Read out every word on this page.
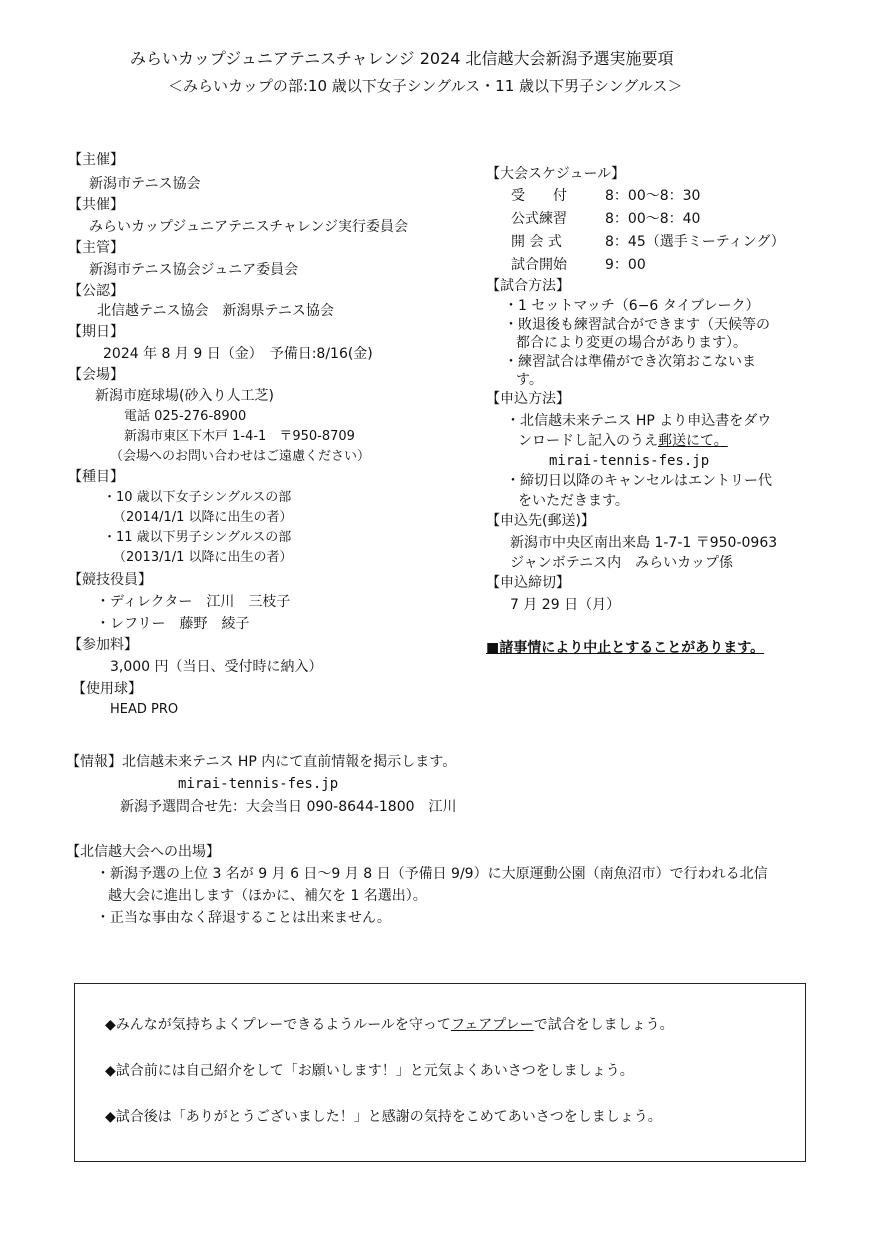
みらいカップジュニアテニスチャレンジ 2024 北信越大会新潟予選実施要項
＜みらいカップの部:10 歳以下女子シングルス・11 歳以下男子シングルス＞
【主催】
新潟市テニス協会
【共催】
みらいカップジュニアテニスチャレンジ実行委員会
【主管】
新潟市テニス協会ジュニア委員会
【公認】
北信越テニス協会　新潟県テニス協会
【期日】
2024 年 8 月 9 日（金）　予備日:8/16(金)
【会場】
新潟市庭球場(砂入り人工芝)
電話 025-276-8900
新潟市東区下木戸 1-4-1　〒950-8709
（会場へのお問い合わせはご遠慮ください）
【種目】
・10 歳以下女子シングルスの部
（2014/1/1 以降に出生の者）
・11 歳以下男子シングルスの部
（2013/1/1 以降に出生の者）
【競技役員】
・ディレクター　江川　三枝子
・レフリー　藤野　綾子
【参加料】
3,000 円（当日、受付時に納入）
【使用球】
HEAD PRO
【大会スケジュール】
受　　付	8：00～8：30
公式練習	8：00～8：40
開 会 式	8：45（選手ミーティング）
試合開始	9：00
【試合方法】
・1 セットマッチ（6−6 タイブレーク）
・敗退後も練習試合ができます（天候等の
都合により変更の場合があります）。
・練習試合は準備ができ次第おこないま
す。
【申込方法】
・北信越未来テニス HP より申込書をダウ
ンロードし記入のうえ郵送にて。
mirai-tennis-fes.jp
・締切日以降のキャンセルはエントリー代
をいただきます。
【申込先(郵送)】
新潟市中央区南出来島 1-7-1 〒950-0963
ジャンボテニス内　みらいカップ係
【申込締切】
7 月 29 日（月）
■諸事情により中止とすることがあります。
【情報】北信越未来テニス HP 内にて直前情報を掲示します。
mirai-tennis-fes.jp
新潟予選問合せ先：大会当日 090-8644-1800　江川
【北信越大会への出場】
・新潟予選の上位 3 名が 9 月 6 日～9 月 8 日（予備日 9/9）に大原運動公園（南魚沼市）で行われる北信
越大会に進出します（ほかに、補欠を 1 名選出）。
・正当な事由なく辞退することは出来ません。
◆みんなが気持ちよくプレーできるようルールを守ってフェアプレーで試合をしましょう。
◆試合前には自己紹介をして「お願いします！」と元気よくあいさつをしましょう。
◆試合後は「ありがとうございました！」と感謝の気持をこめてあいさつをしましょう。
